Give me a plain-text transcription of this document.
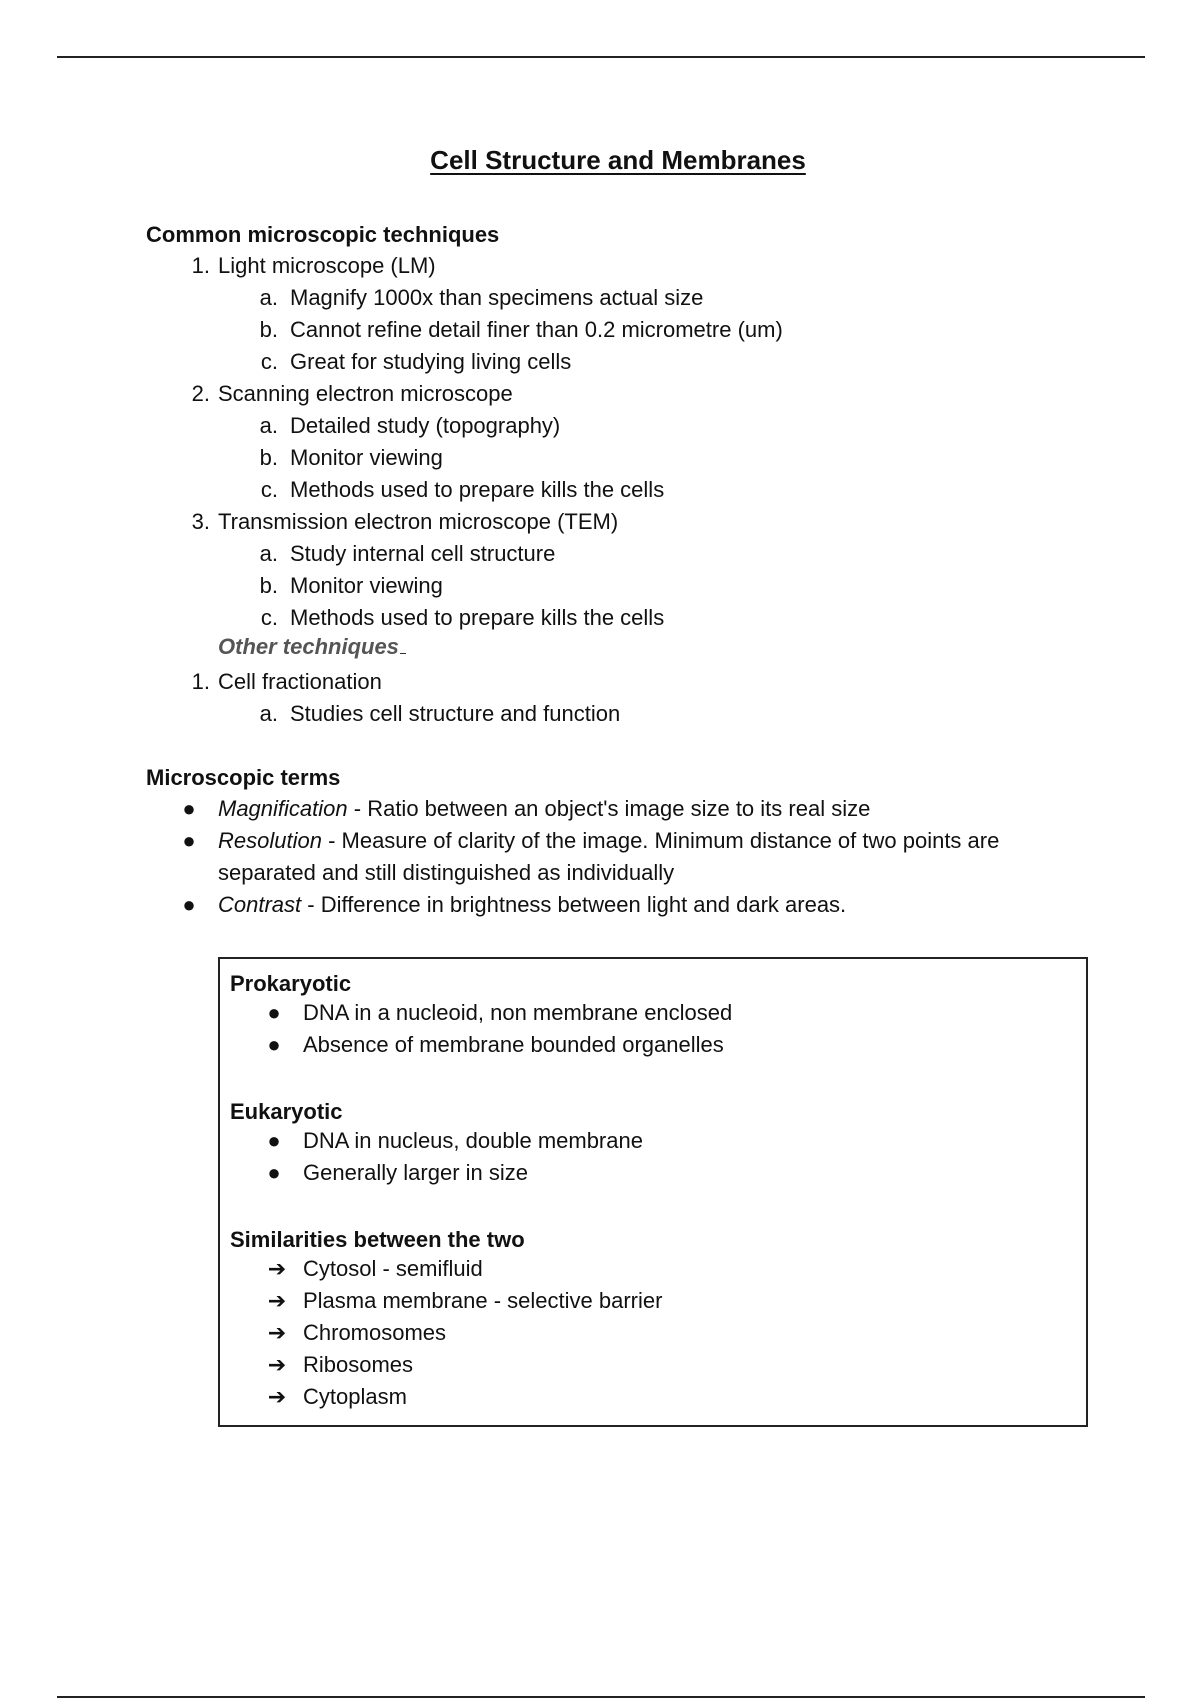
Cell Structure and Membranes
Common microscopic techniques
1. Light microscope (LM)
a. Magnify 1000x than specimens actual size
b. Cannot refine detail finer than 0.2 micrometre (um)
c. Great for studying living cells
2. Scanning electron microscope
a. Detailed study (topography)
b. Monitor viewing
c. Methods used to prepare kills the cells
3. Transmission electron microscope (TEM)
a. Study internal cell structure
b. Monitor viewing
c. Methods used to prepare kills the cells
Other techniques
1. Cell fractionation
a. Studies cell structure and function
Microscopic terms
● Magnification - Ratio between an object's image size to its real size
● Resolution - Measure of clarity of the image. Minimum distance of two points are
separated and still distinguished as individually
● Contrast - Difference in brightness between light and dark areas.
Prokaryotic
● DNA in a nucleoid, non membrane enclosed
● Absence of membrane bounded organelles
Eukaryotic
● DNA in nucleus, double membrane
● Generally larger in size
Similarities between the two
➔ Cytosol - semifluid
➔ Plasma membrane - selective barrier
➔ Chromosomes
➔ Ribosomes
➔ Cytoplasm
